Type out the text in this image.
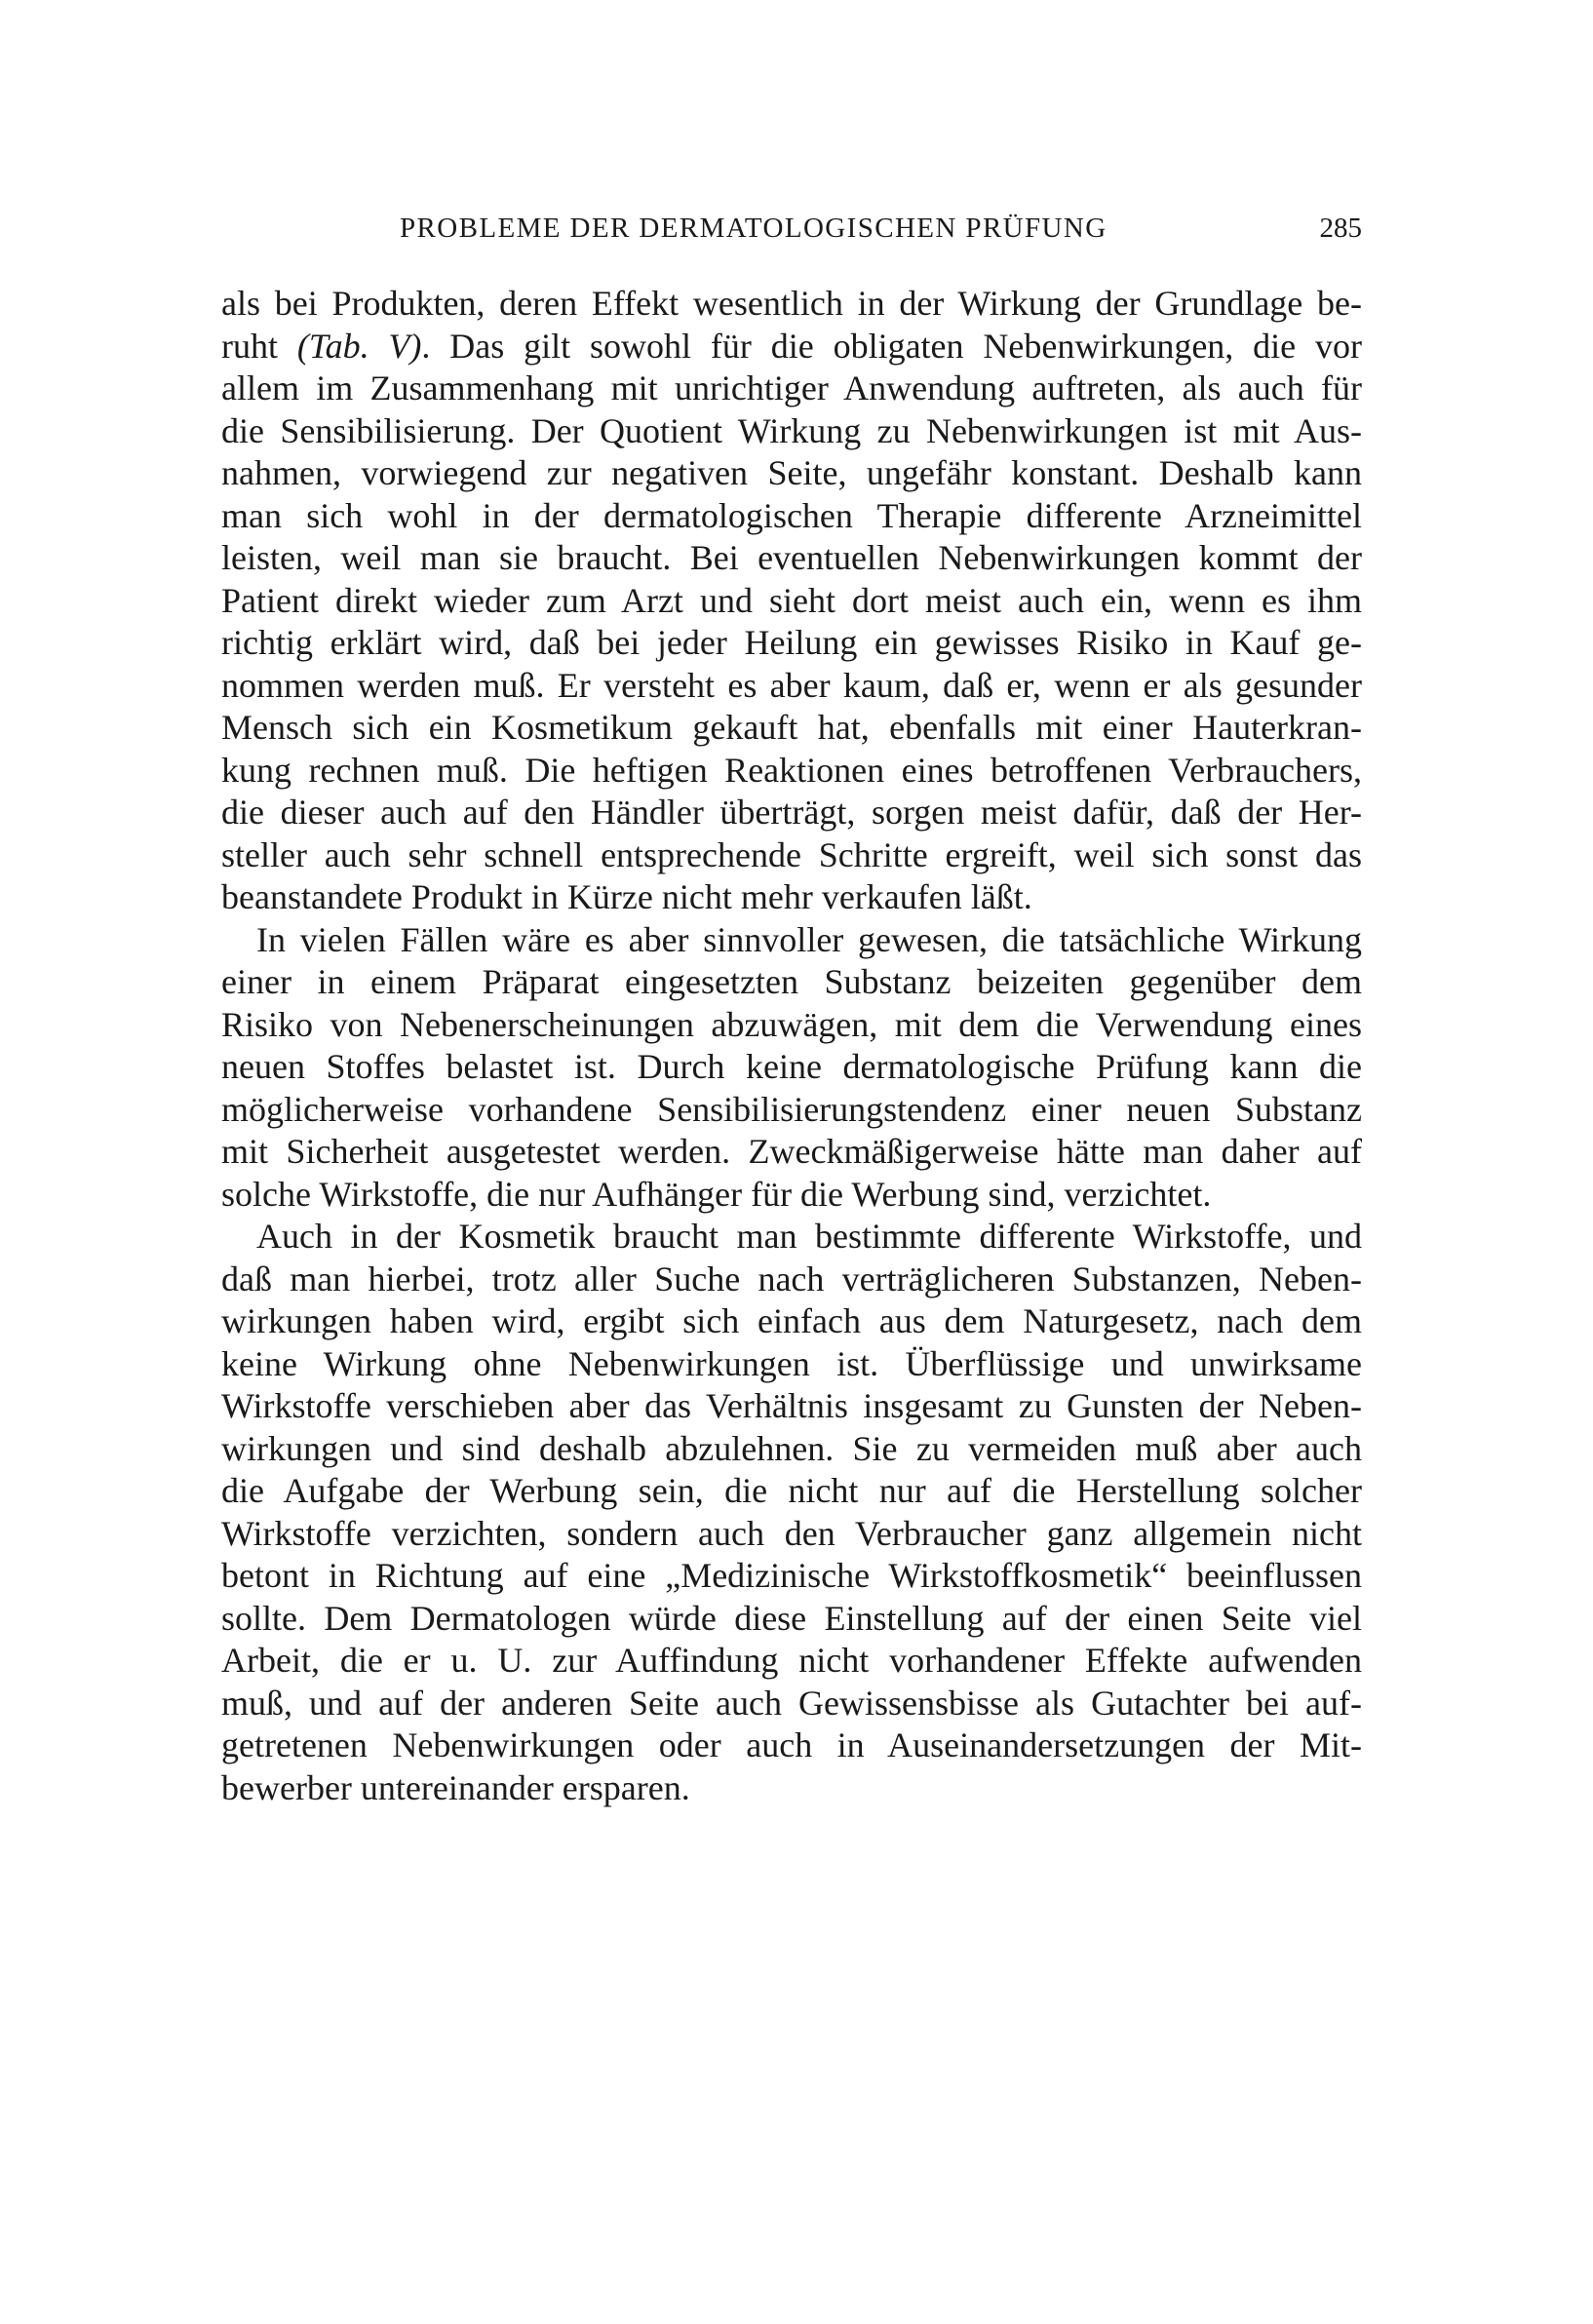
PROBLEME DER DERMATOLOGISCHEN PRÜFUNG	285
als bei Produkten, deren Effekt wesentlich in der Wirkung der Grundlage be-
ruht (Tab. V). Das gilt sowohl für die obligaten Nebenwirkungen, die vor
allem im Zusammenhang mit unrichtiger Anwendung auftreten, als auch für
die Sensibilisierung. Der Quotient Wirkung zu Nebenwirkungen ist mit Aus-
nahmen, vorwiegend zur negativen Seite, ungefähr konstant. Deshalb kann
man sich wohl in der dermatologischen Therapie differente Arzneimittel
leisten, weil man sie braucht. Bei eventuellen Nebenwirkungen kommt der
Patient direkt wieder zum Arzt und sieht dort meist auch ein, wenn es ihm
richtig erklärt wird, daß bei jeder Heilung ein gewisses Risiko in Kauf ge-
nommen werden muß. Er versteht es aber kaum, daß er, wenn er als gesunder
Mensch sich ein Kosmetikum gekauft hat, ebenfalls mit einer Hauterkran-
kung rechnen muß. Die heftigen Reaktionen eines betroffenen Verbrauchers,
die dieser auch auf den Händler überträgt, sorgen meist dafür, daß der Her-
steller auch sehr schnell entsprechende Schritte ergreift, weil sich sonst das
beanstandete Produkt in Kürze nicht mehr verkaufen läßt.
In vielen Fällen wäre es aber sinnvoller gewesen, die tatsächliche Wirkung
einer in einem Präparat eingesetzten Substanz beizeiten gegenüber dem
Risiko von Nebenerscheinungen abzuwägen, mit dem die Verwendung eines
neuen Stoffes belastet ist. Durch keine dermatologische Prüfung kann die
möglicherweise vorhandene Sensibilisierungstendenz einer neuen Substanz
mit Sicherheit ausgetestet werden. Zweckmäßigerweise hätte man daher auf
solche Wirkstoffe, die nur Aufhänger für die Werbung sind, verzichtet.
Auch in der Kosmetik braucht man bestimmte differente Wirkstoffe, und
daß man hierbei, trotz aller Suche nach verträglicheren Substanzen, Neben-
wirkungen haben wird, ergibt sich einfach aus dem Naturgesetz, nach dem
keine Wirkung ohne Nebenwirkungen ist. Überflüssige und unwirksame
Wirkstoffe verschieben aber das Verhältnis insgesamt zu Gunsten der Neben-
wirkungen und sind deshalb abzulehnen. Sie zu vermeiden muß aber auch
die Aufgabe der Werbung sein, die nicht nur auf die Herstellung solcher
Wirkstoffe verzichten, sondern auch den Verbraucher ganz allgemein nicht
betont in Richtung auf eine „Medizinische Wirkstoffkosmetik“ beeinflussen
sollte. Dem Dermatologen würde diese Einstellung auf der einen Seite viel
Arbeit, die er u. U. zur Auffindung nicht vorhandener Effekte aufwenden
muß, und auf der anderen Seite auch Gewissensbisse als Gutachter bei auf-
getretenen Nebenwirkungen oder auch in Auseinandersetzungen der Mit-
bewerber untereinander ersparen.
